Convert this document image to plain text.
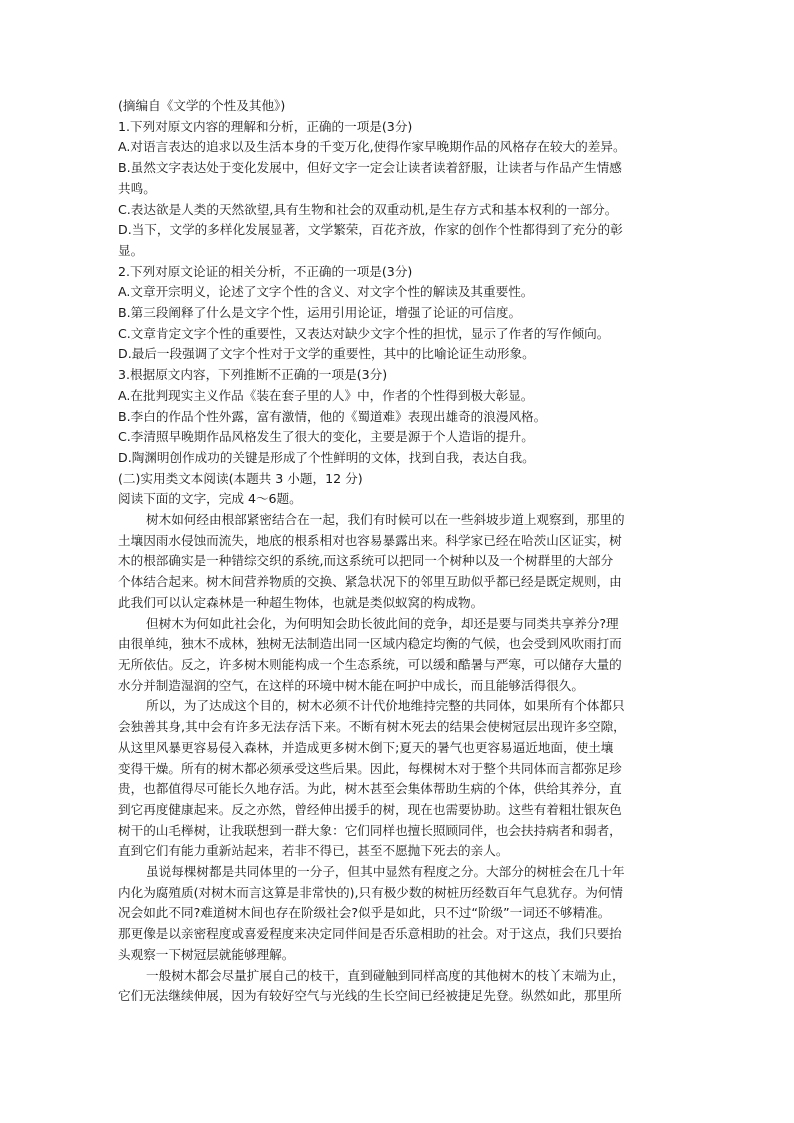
(摘编自《文学的个性及其他》)
1.下列对原文内容的理解和分析，正确的一项是(3分)
A.对语言表达的追求以及生活本身的千变万化,使得作家早晚期作品的风格存在较大的差异。
B.虽然文字表达处于变化发展中，但好文字一定会让读者读着舒服，让读者与作品产生情感
共鸣。
C.表达欲是人类的天然欲望,具有生物和社会的双重动机,是生存方式和基本权利的一部分。
D.当下，文学的多样化发展显著，文学繁荣，百花齐放，作家的创作个性都得到了充分的彰
显。
2.下列对原文论证的相关分析，不正确的一项是(3分)
A.文章开宗明义，论述了文字个性的含义、对文字个性的解读及其重要性。
B.第三段阐释了什么是文字个性，运用引用论证，增强了论证的可信度。
C.文章肯定文字个性的重要性，又表达对缺少文字个性的担忧，显示了作者的写作倾向。
D.最后一段强调了文字个性对于文学的重要性，其中的比喻论证生动形象。
3.根据原文内容，下列推断不正确的一项是(3分)
A.在批判现实主义作品《装在套子里的人》中，作者的个性得到极大彰显。
B.李白的作品个性外露，富有激情，他的《蜀道难》表现出雄奇的浪漫风格。
C.李清照早晚期作品风格发生了很大的变化，主要是源于个人造诣的提升。
D.陶渊明创作成功的关键是形成了个性鲜明的文体，找到自我，表达自我。
(二)实用类文本阅读(本题共 3 小题，12 分)
阅读下面的文字，完成 4～6题。
树木如何经由根部紧密结合在一起，我们有时候可以在一些斜坡步道上观察到，那里的
土壤因雨水侵蚀而流失，地底的根系相对也容易暴露出来。科学家已经在哈茨山区证实，树
木的根部确实是一种错综交织的系统,而这系统可以把同一个树种以及一个树群里的大部分
个体结合起来。树木间营养物质的交换、紧急状况下的邻里互助似乎都已经是既定规则，由
此我们可以认定森林是一种超生物体，也就是类似蚁窝的构成物。
但树木为何如此社会化，为何明知会助长彼此间的竞争，却还是要与同类共享养分?理
由很单纯，独木不成林，独树无法制造出同一区域内稳定均衡的气候，也会受到风吹雨打而
无所依估。反之，许多树木则能构成一个生态系统，可以缓和酷暑与严寒，可以储存大量的
水分并制造湿润的空气，在这样的环境中树木能在呵护中成长，而且能够活得很久。
所以，为了达成这个目的，树木必须不计代价地维持完整的共同体，如果所有个体都只
会独善其身,其中会有许多无法存活下来。不断有树木死去的结果会使树冠层出现许多空隙，
从这里风暴更容易侵入森林，并造成更多树木倒下;夏天的暑气也更容易逼近地面，使土壤
变得干燥。所有的树木都必须承受这些后果。因此，每棵树木对于整个共同体而言都弥足珍
贵，也都值得尽可能长久地存活。为此，树木甚至会集体帮助生病的个体，供给其养分，直
到它再度健康起来。反之亦然，曾经伸出援手的树，现在也需要协助。这些有着粗壮银灰色
树干的山毛榉树，让我联想到一群大象：它们同样也擅长照顾同伴，也会扶持病者和弱者，
直到它们有能力重新站起来，若非不得已，甚至不愿抛下死去的亲人。
虽说每棵树都是共同体里的一分子，但其中显然有程度之分。大部分的树桩会在几十年
内化为腐殖质(对树木而言这算是非常快的),只有极少数的树桩历经数百年气息犹存。为何情
况会如此不同?难道树木间也存在阶级社会?似乎是如此，只不过“阶级”一词还不够精准。
那更像是以亲密程度或喜爱程度来决定同伴间是否乐意相助的社会。对于这点，我们只要抬
头观察一下树冠层就能够理解。
一般树木都会尽量扩展自己的枝干，直到碰触到同样高度的其他树木的枝丫末端为止，
它们无法继续伸展，因为有较好空气与光线的生长空间已经被捷足先登。纵然如此，那里所
